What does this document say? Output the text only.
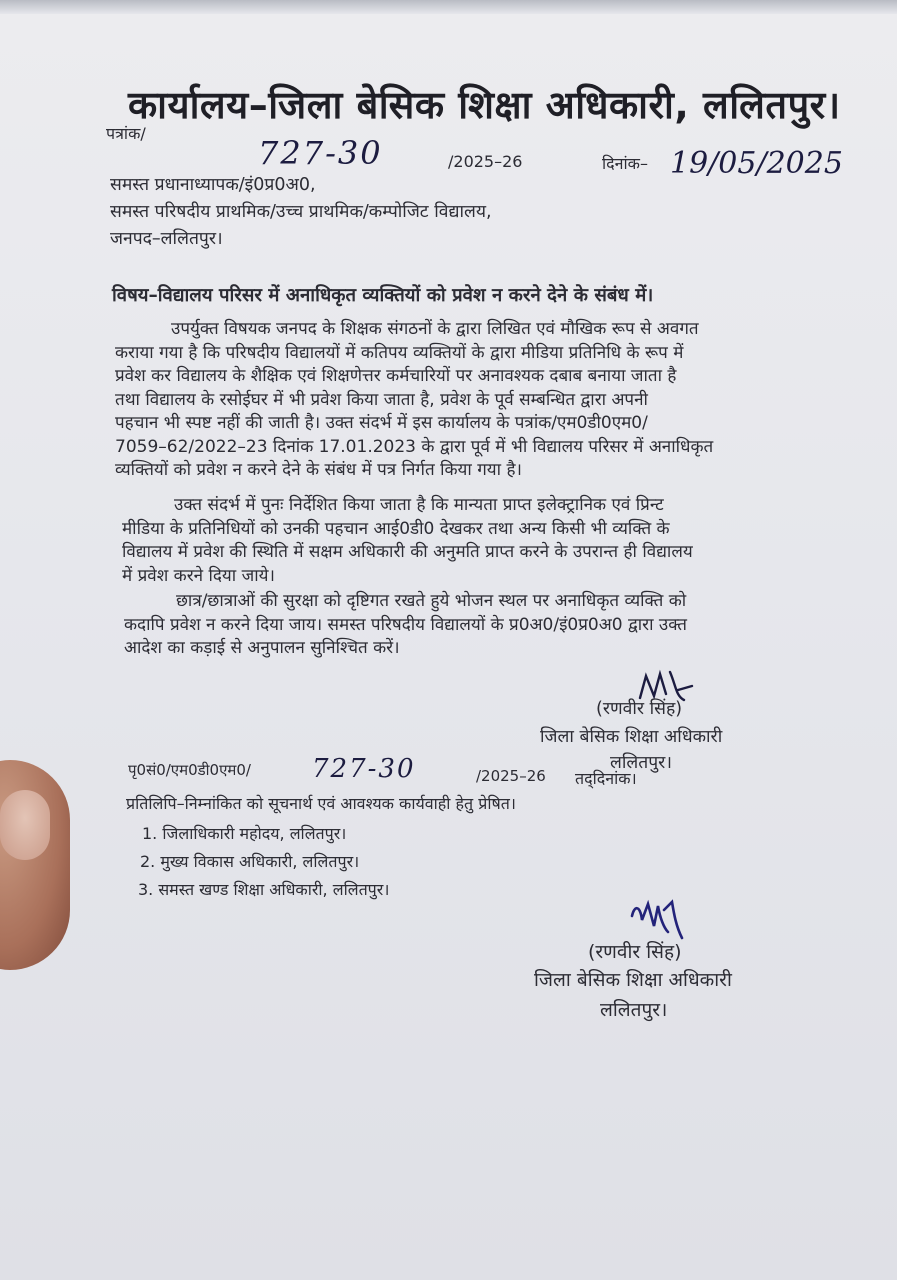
कार्यालय–जिला बेसिक शिक्षा अधिकारी, ललितपुर।
पत्रांक/
727-30	/2025–26	दिनांक– 19/05/2025
समस्त प्रधानाध्यापक/इं0प्र0अ0,
समस्त परिषदीय प्राथमिक/उच्च प्राथमिक/कम्पोजिट विद्यालय,
जनपद–ललितपुर।
विषय–विद्यालय परिसर में अनाधिकृत व्यक्तियों को प्रवेश न करने देने के संबंध में।
उपर्युक्त विषयक जनपद के शिक्षक संगठनों के द्वारा लिखित एवं मौखिक रूप से अवगत
कराया गया है कि परिषदीय विद्यालयों में कतिपय व्यक्तियों के द्वारा मीडिया प्रतिनिधि के रूप में
प्रवेश कर विद्यालय के शैक्षिक एवं शिक्षणेत्तर कर्मचारियों पर अनावश्यक दबाब बनाया जाता है
तथा विद्यालय के रसोईघर में भी प्रवेश किया जाता है, प्रवेश के पूर्व सम्बन्धित द्वारा अपनी
पहचान भी स्पष्ट नहीं की जाती है। उक्त संदर्भ में इस कार्यालय के पत्रांक/एम0डी0एम0/
7059–62/2022–23 दिनांक 17.01.2023 के द्वारा पूर्व में भी विद्यालय परिसर में अनाधिकृत
व्यक्तियों को प्रवेश न करने देने के संबंध में पत्र निर्गत किया गया है।
उक्त संदर्भ में पुनः निर्देशित किया जाता है कि मान्यता प्राप्त इलेक्ट्रानिक एवं प्रिन्ट
मीडिया के प्रतिनिधियों को उनकी पहचान आई0डी0 देखकर तथा अन्य किसी भी व्यक्ति के
विद्यालय में प्रवेश की स्थिति में सक्षम अधिकारी की अनुमति प्राप्त करने के उपरान्त ही विद्यालय
में प्रवेश करने दिया जाये।
छात्र/छात्राओं की सुरक्षा को दृष्टिगत रखते हुये भोजन स्थल पर अनाधिकृत व्यक्ति को
कदापि प्रवेश न करने दिया जाय। समस्त परिषदीय विद्यालयों के प्र0अ0/इं0प्र0अ0 द्वारा उक्त
आदेश का कड़ाई से अनुपालन सुनिश्चित करें।
(रणवीर सिंह)
जिला बेसिक शिक्षा अधिकारी
ललितपुर।
पृ0सं0/एम0डी0एम0/ 727-30	/2025–26 तद्‌दिनांक।
प्रतिलिपि–निम्नांकित को सूचनार्थ एवं आवश्यक कार्यवाही हेतु प्रेषित।
1. जिलाधिकारी महोदय, ललितपुर।
2. मुख्य विकास अधिकारी, ललितपुर।
3. समस्त खण्ड शिक्षा अधिकारी, ललितपुर।
(रणवीर सिंह)
जिला बेसिक शिक्षा अधिकारी
ललितपुर।
